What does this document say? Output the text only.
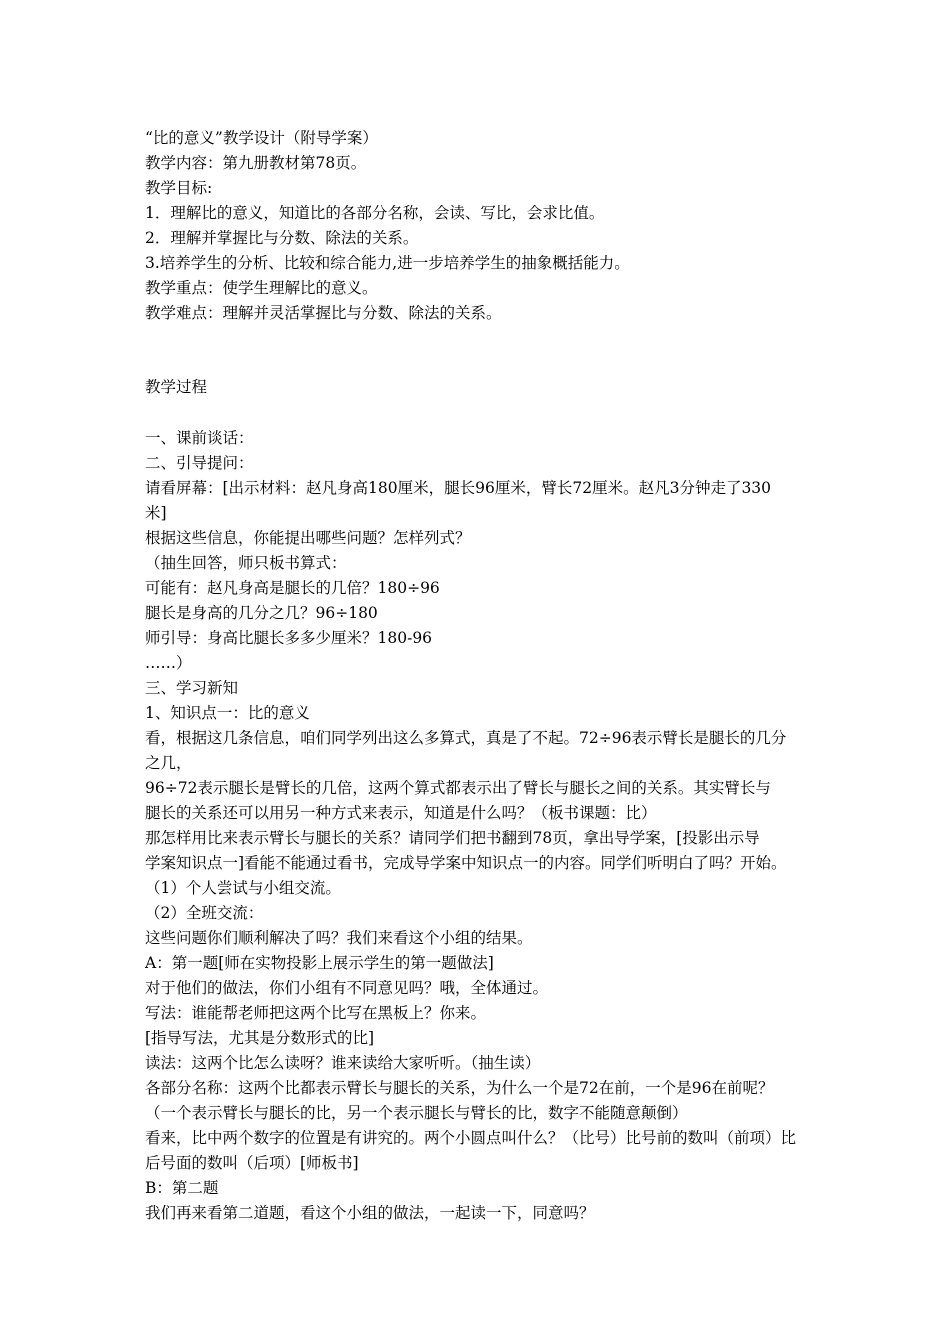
“比的意义”教学设计（附导学案）
教学内容：第九册教材第78页。
教学目标:
1．理解比的意义，知道比的各部分名称，会读、写比，会求比值。
2．理解并掌握比与分数、除法的关系。
3.培养学生的分析、比较和综合能力,进一步培养学生的抽象概括能力。
教学重点：使学生理解比的意义。
教学难点：理解并灵活掌握比与分数、除法的关系。
教学过程
一、课前谈话：
二、引导提问：
请看屏幕：[出示材料：赵凡身高180厘米，腿长96厘米，臂长72厘米。赵凡3分钟走了330
米]
根据这些信息，你能提出哪些问题？怎样列式？
（抽生回答，师只板书算式：
可能有：赵凡身高是腿长的几倍？180÷96
腿长是身高的几分之几？96÷180
师引导：身高比腿长多多少厘米？180-96
……）
三、学习新知
1、知识点一：比的意义
看，根据这几条信息，咱们同学列出这么多算式，真是了不起。72÷96表示臂长是腿长的几分
之几，
96÷72表示腿长是臂长的几倍，这两个算式都表示出了臂长与腿长之间的关系。其实臂长与
腿长的关系还可以用另一种方式来表示，知道是什么吗？（板书课题：比）
那怎样用比来表示臂长与腿长的关系？请同学们把书翻到78页，拿出导学案，[投影出示导
学案知识点一]看能不能通过看书，完成导学案中知识点一的内容。同学们听明白了吗？开始。
（1）个人尝试与小组交流。
（2）全班交流：
这些问题你们顺利解决了吗？我们来看这个小组的结果。
A：第一题[师在实物投影上展示学生的第一题做法]
对于他们的做法，你们小组有不同意见吗？哦，全体通过。
写法：谁能帮老师把这两个比写在黑板上？你来。
[指导写法，尤其是分数形式的比]
读法：这两个比怎么读呀？谁来读给大家听听。（抽生读）
各部分名称：这两个比都表示臂长与腿长的关系，为什么一个是72在前，一个是96在前呢？
（一个表示臂长与腿长的比，另一个表示腿长与臂长的比，数字不能随意颠倒）
看来，比中两个数字的位置是有讲究的。两个小圆点叫什么？（比号）比号前的数叫（前项）比
后号面的数叫（后项）[师板书]
B：第二题
我们再来看第二道题，看这个小组的做法，一起读一下，同意吗？
